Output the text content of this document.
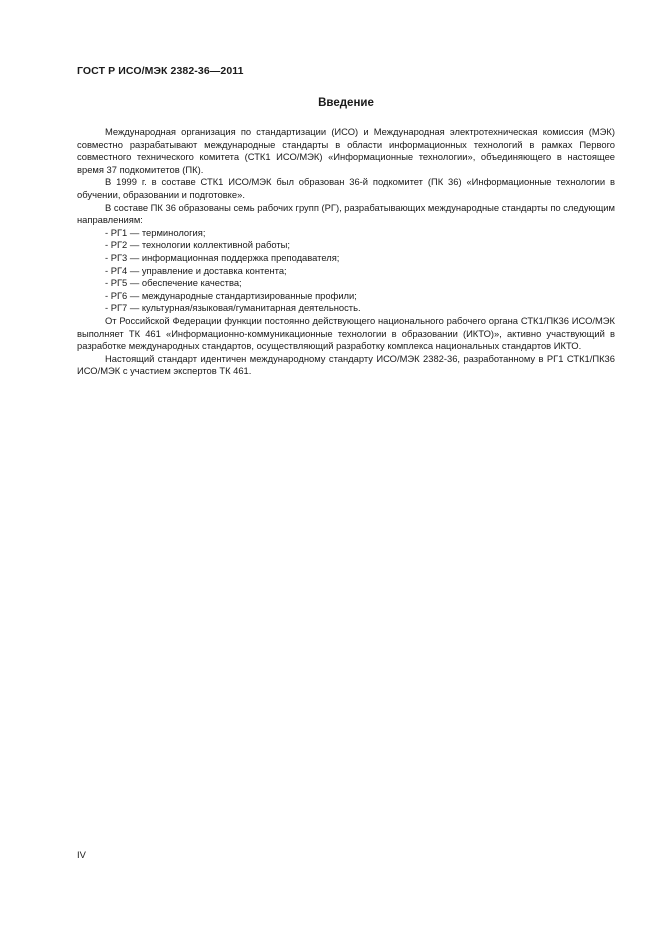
ГОСТ Р ИСО/МЭК 2382-36—2011
Введение

Международная организация по стандартизации (ИСО) и Международная электротехническая комиссия (МЭК) совместно разрабатывают международные стандарты в области информационных технологий в рамках Первого совместного технического комитета (СТК1 ИСО/МЭК) «Информационные технологии», объединяющего в настоящее время 37 подкомитетов (ПК).

В 1999 г. в составе СТК1 ИСО/МЭК был образован 36-й подкомитет (ПК 36) «Информационные технологии в обучении, образовании и подготовке».

В составе ПК 36 образованы семь рабочих групп (РГ), разрабатывающих международные стандарты по следующим направлениям:

- РГ1 — терминология;
- РГ2 — технологии коллективной работы;
- РГ3 — информационная поддержка преподавателя;
- РГ4 — управление и доставка контента;
- РГ5 — обеспечение качества;
- РГ6 — международные стандартизированные профили;
- РГ7 — культурная/языковая/гуманитарная деятельность.

От Российской Федерации функции постоянно действующего национального рабочего органа СТК1/ПК36 ИСО/МЭК выполняет ТК 461 «Информационно-коммуникационные технологии в образовании (ИКТО)», активно участвующий в разработке международных стандартов, осуществляющий разработку комплекса национальных стандартов ИКТО.

Настоящий стандарт идентичен международному стандарту ИСО/МЭК 2382-36, разработанному в РГ1 СТК1/ПК36 ИСО/МЭК с участием экспертов ТК 461.

IV
